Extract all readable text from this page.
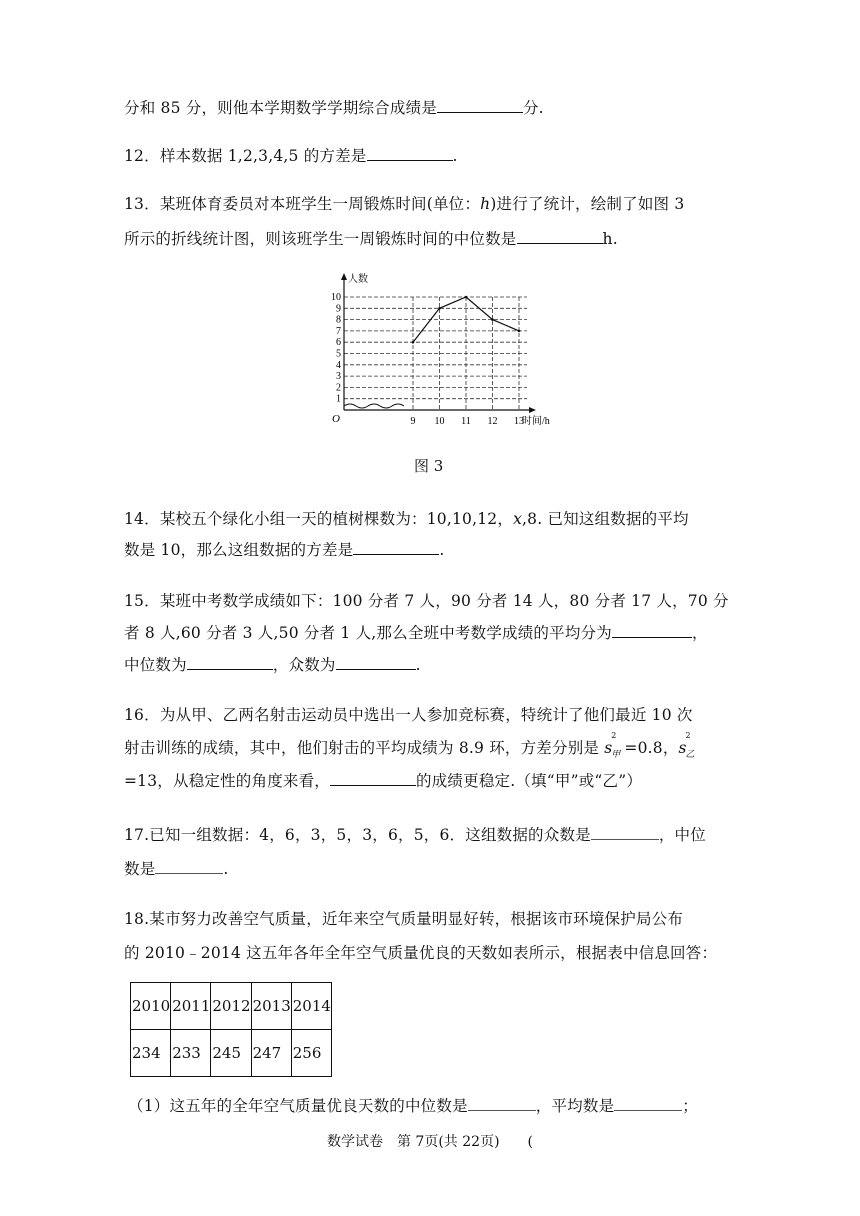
分和 85 分，则他本学期数学学期综合成绩是	分.
12．样本数据 1,2,3,4,5 的方差是	.
13．某班体育委员对本班学生一周锻炼时间(单位：h)进行了统计，绘制了如图 3
所示的折线统计图，则该班学生一周锻炼时间的中位数是	h.
1
2
3
4
5
6
7
8
9
10
9 10 11 12 13
人数
时间/h
O
图 3
14．某校五个绿化小组一天的植树棵数为：10,10,12，x,8. 已知这组数据的平均
数是 10，那么这组数据的方差是	.
15．某班中考数学成绩如下：100 分者 7 人，90 分者 14 人，80 分者 17 人，70 分
者 8 人,60 分者 3 人,50 分者 1 人,那么全班中考数学成绩的平均分为	，
中位数为	，众数为	.
16．为从甲、乙两名射击运动员中选出一人参加竞标赛，特统计了他们最近 10 次
射击训练的成绩，其中，他们射击的平均成绩为 8.9 环，方差分别是 s
2
甲 =0.8，s
2
乙
=13，从稳定性的角度来看，	的成绩更稳定.（填“甲”或“乙”）
17.已知一组数据：4，6，3，5，3，6，5，6．这组数据的众数是	，中位
数是	.
18.某市努力改善空气质量，近年来空气质量明显好转，根据该市环境保护局公布
的 2010﹣2014 这五年各年全年空气质量优良的天数如表所示，根据表中信息回答：
2010	2011	2012	2013	2014
234	233	245	247	256
（1）这五年的全年空气质量优良天数的中位数是	，平均数是	；
数学试卷　第 7页(共 22页)　　(
